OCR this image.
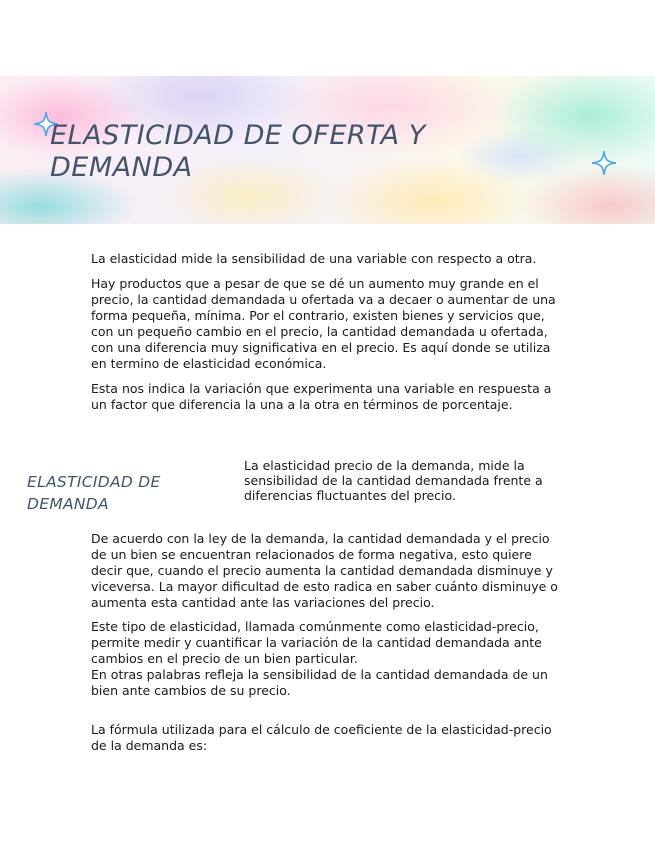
ELASTICIDAD DE OFERTA Y DEMANDA

La elasticidad mide la sensibilidad de una variable con respecto a otra.

Hay productos que a pesar de que se dé un aumento muy grande en el precio, la cantidad demandada u ofertada va a decaer o aumentar de una forma pequeña, mínima. Por el contrario, existen bienes y servicios que, con un pequeño cambio en el precio, la cantidad demandada u ofertada, con una diferencia muy significativa en el precio. Es aquí donde se utiliza en termino de elasticidad económica.

Esta nos indica la variación que experimenta una variable en respuesta a un factor que diferencia la una a la otra en términos de porcentaje.

ELASTICIDAD DE DEMANDA

La elasticidad precio de la demanda, mide la sensibilidad de la cantidad demandada frente a diferencias fluctuantes del precio.

De acuerdo con la ley de la demanda, la cantidad demandada y el precio de un bien se encuentran relacionados de forma negativa, esto quiere decir que, cuando el precio aumenta la cantidad demandada disminuye y viceversa. La mayor dificultad de esto radica en saber cuánto disminuye o aumenta esta cantidad ante las variaciones del precio.

Este tipo de elasticidad, llamada comúnmente como elasticidad-precio, permite medir y cuantificar la variación de la cantidad demandada ante cambios en el precio de un bien particular.
En otras palabras refleja la sensibilidad de la cantidad demandada de un bien ante cambios de su precio.

La fórmula utilizada para el cálculo de coeficiente de la elasticidad-precio de la demanda es:
